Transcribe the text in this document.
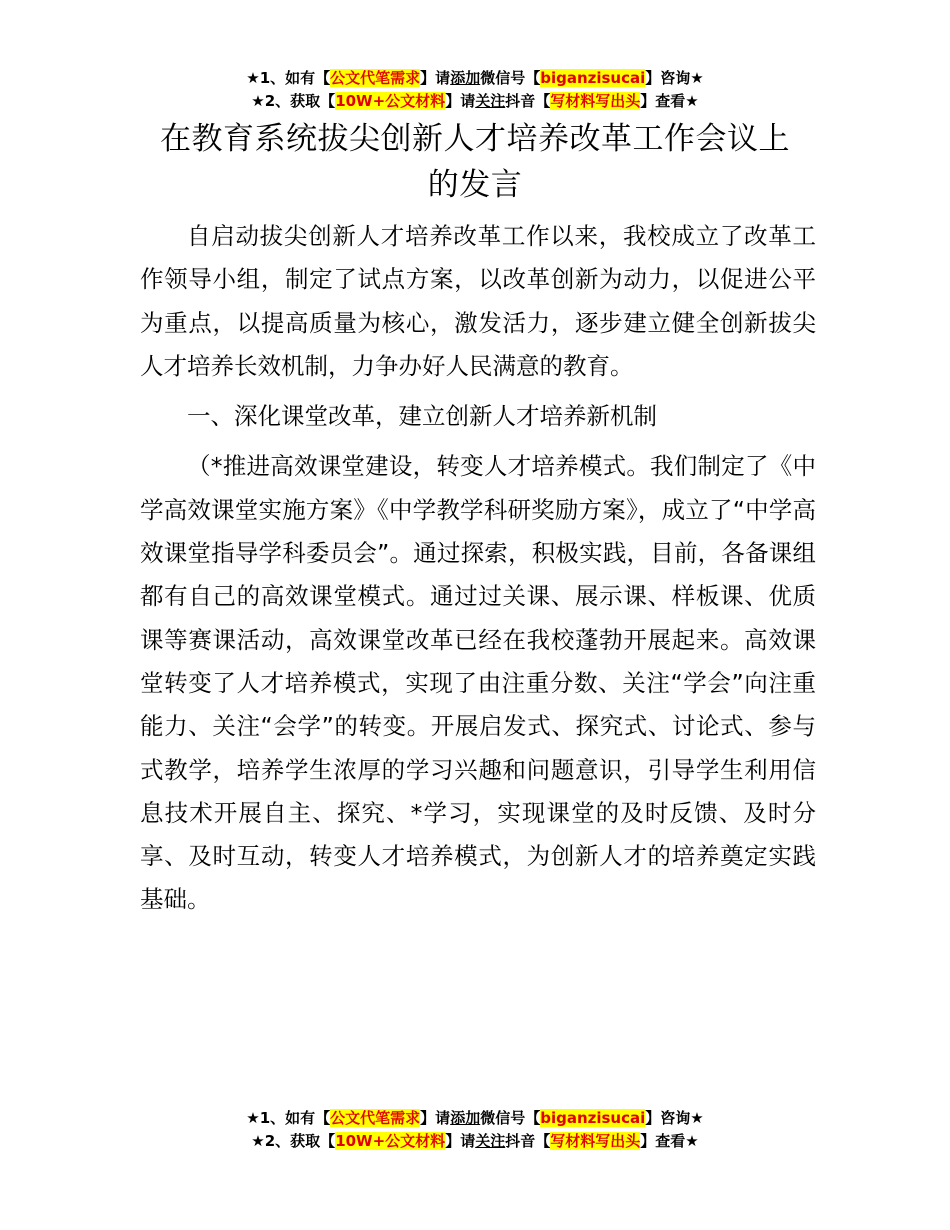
★1、如有【公文代笔需求】请添加微信号【biganzisucai】咨询★
★2、获取【10W+公文材料】请关注抖音【写材料写出头】查看★
在教育系统拔尖创新人才培养改革工作会议上
的发言

自启动拔尖创新人才培养改革工作以来，我校成立了改革工作领导小组，制定了试点方案，以改革创新为动力，以促进公平为重点，以提高质量为核心，激发活力，逐步建立健全创新拔尖人才培养长效机制，力争办好人民满意的教育。

一、深化课堂改革，建立创新人才培养新机制

（*推进高效课堂建设，转变人才培养模式。我们制定了《中学高效课堂实施方案》《中学教学科研奖励方案》，成立了“中学高效课堂指导学科委员会”。通过探索，积极实践，目前，各备课组都有自己的高效课堂模式。通过过关课、展示课、样板课、优质课等赛课活动，高效课堂改革已经在我校蓬勃开展起来。高效课堂转变了人才培养模式，实现了由注重分数、关注“学会”向注重能力、关注“会学”的转变。开展启发式、探究式、讨论式、参与式教学，培养学生浓厚的学习兴趣和问题意识，引导学生利用信息技术开展自主、探究、*学习，实现课堂的及时反馈、及时分享、及时互动，转变人才培养模式，为创新人才的培养奠定实践基础。

★1、如有【公文代笔需求】请添加微信号【biganzisucai】咨询★
★2、获取【10W+公文材料】请关注抖音【写材料写出头】查看★
